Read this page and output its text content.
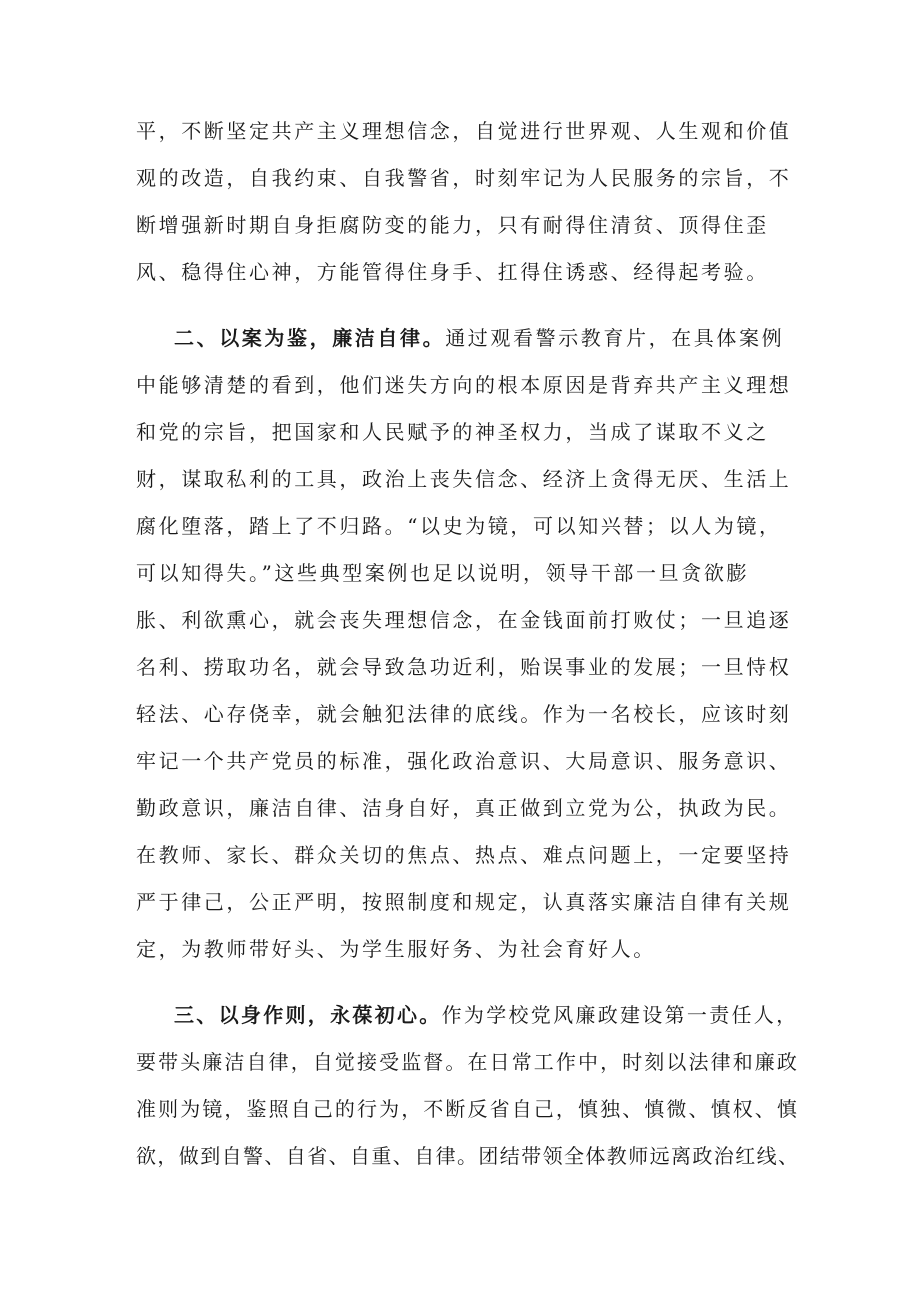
平，不断坚定共产主义理想信念，自觉进行世界观、人生观和价值
观的改造，自我约束、自我警省，时刻牢记为人民服务的宗旨，不
断增强新时期自身拒腐防变的能力，只有耐得住清贫、顶得住歪
风、稳得住心神，方能管得住身手、扛得住诱惑、经得起考验。
二、以案为鉴，廉洁自律。通过观看警示教育片，在具体案例
中能够清楚的看到，他们迷失方向的根本原因是背弃共产主义理想
和党的宗旨，把国家和人民赋予的神圣权力，当成了谋取不义之
财，谋取私利的工具，政治上丧失信念、经济上贪得无厌、生活上
腐化堕落，踏上了不归路。“以史为镜，可以知兴替；以人为镜，
可以知得失。”这些典型案例也足以说明，领导干部一旦贪欲膨
胀、利欲熏心，就会丧失理想信念，在金钱面前打败仗；一旦追逐
名利、捞取功名，就会导致急功近利，贻误事业的发展；一旦恃权
轻法、心存侥幸，就会触犯法律的底线。作为一名校长，应该时刻
牢记一个共产党员的标准，强化政治意识、大局意识、服务意识、
勤政意识，廉洁自律、洁身自好，真正做到立党为公，执政为民。
在教师、家长、群众关切的焦点、热点、难点问题上，一定要坚持
严于律己，公正严明，按照制度和规定，认真落实廉洁自律有关规
定，为教师带好头、为学生服好务、为社会育好人。
三、以身作则，永葆初心。作为学校党风廉政建设第一责任人，
要带头廉洁自律，自觉接受监督。在日常工作中，时刻以法律和廉政
准则为镜，鉴照自己的行为，不断反省自己，慎独、慎微、慎权、慎
欲，做到自警、自省、自重、自律。团结带领全体教师远离政治红线、
